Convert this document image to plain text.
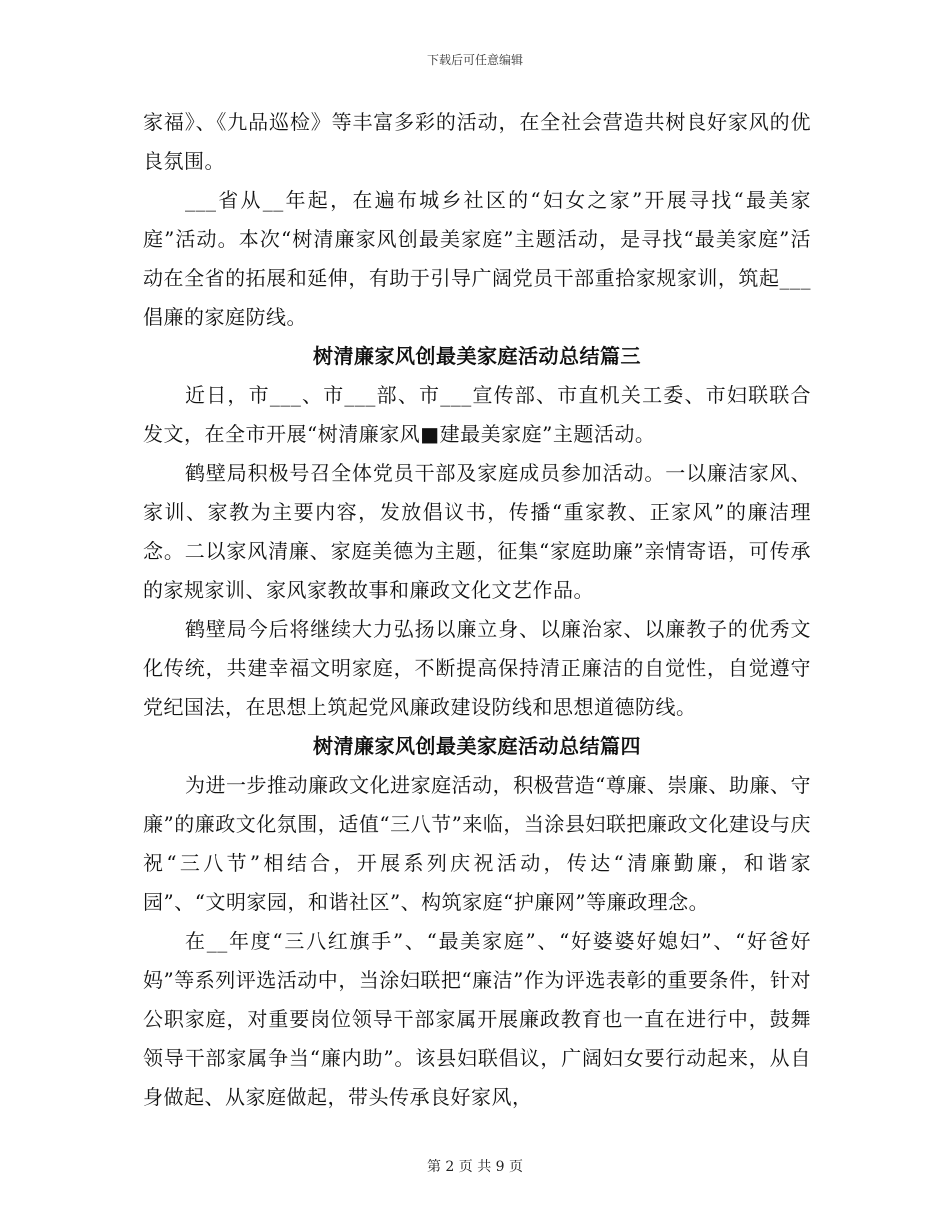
下载后可任意编辑

家福》、《九品巡检》等丰富多彩的活动，在全社会营造共树良好家风的优良氛围。

___省从__年起，在遍布城乡社区的“妇女之家”开展寻找“最美家庭”活动。本次“树清廉家风创最美家庭”主题活动，是寻找“最美家庭”活动在全省的拓展和延伸，有助于引导广阔党员干部重拾家规家训，筑起___倡廉的家庭防线。

树清廉家风创最美家庭活动总结篇三

近日，市___、市___部、市___宣传部、市直机关工委、市妇联联合发文，在全市开展“树清廉家风■建最美家庭”主题活动。

鹤壁局积极号召全体党员干部及家庭成员参加活动。一以廉洁家风、家训、家教为主要内容，发放倡议书，传播“重家教、正家风”的廉洁理念。二以家风清廉、家庭美德为主题，征集“家庭助廉”亲情寄语，可传承的家规家训、家风家教故事和廉政文化文艺作品。

鹤壁局今后将继续大力弘扬以廉立身、以廉治家、以廉教子的优秀文化传统，共建幸福文明家庭，不断提高保持清正廉洁的自觉性，自觉遵守党纪国法，在思想上筑起党风廉政建设防线和思想道德防线。

树清廉家风创最美家庭活动总结篇四

为进一步推动廉政文化进家庭活动，积极营造“尊廉、崇廉、助廉、守廉”的廉政文化氛围，适值“三八节”来临，当涂县妇联把廉政文化建设与庆祝“三八节”相结合，开展系列庆祝活动，传达“清廉勤廉，和谐家园”、“文明家园，和谐社区”、构筑家庭“护廉网”等廉政理念。

在__年度“三八红旗手”、“最美家庭”、“好婆婆好媳妇”、“好爸好妈”等系列评选活动中，当涂妇联把“廉洁”作为评选表彰的重要条件，针对公职家庭，对重要岗位领导干部家属开展廉政教育也一直在进行中，鼓舞领导干部家属争当“廉内助”。该县妇联倡议，广阔妇女要行动起来，从自身做起、从家庭做起，带头传承良好家风，

第 2 页 共 9 页
